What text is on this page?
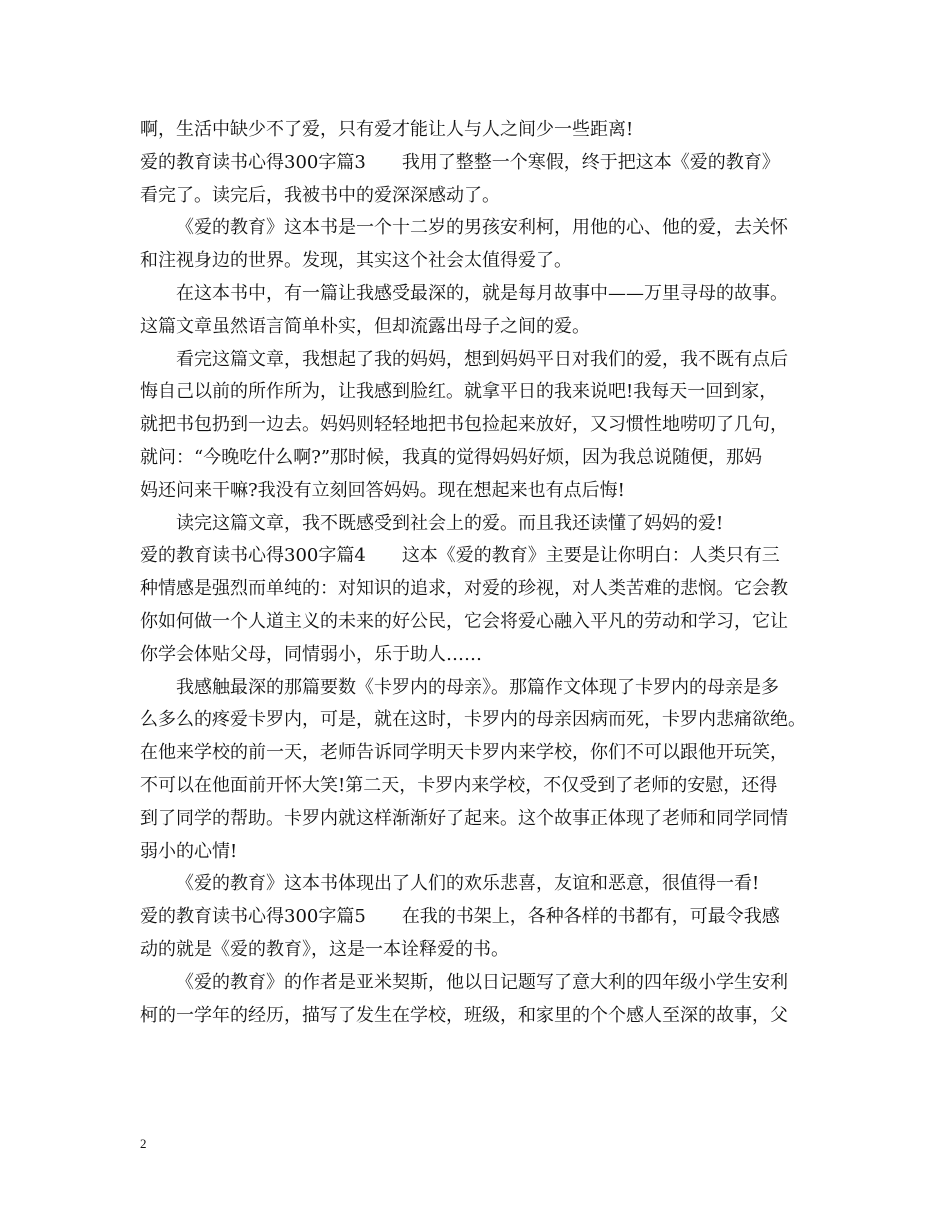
啊，生活中缺少不了爱，只有爱才能让人与人之间少一些距离!
爱的教育读书心得300字篇3 我用了整整一个寒假，终于把这本《爱的教育》
看完了。读完后，我被书中的爱深深感动了。
《爱的教育》这本书是一个十二岁的男孩安利柯，用他的心、他的爱，去关怀
和注视身边的世界。发现，其实这个社会太值得爱了。
在这本书中，有一篇让我感受最深的，就是每月故事中——万里寻母的故事。
这篇文章虽然语言简单朴实，但却流露出母子之间的爱。
看完这篇文章，我想起了我的妈妈，想到妈妈平日对我们的爱，我不既有点后
悔自己以前的所作所为，让我感到脸红。就拿平日的我来说吧!我每天一回到家，
就把书包扔到一边去。妈妈则轻轻地把书包捡起来放好，又习惯性地唠叨了几句，
就问：“今晚吃什么啊?”那时候，我真的觉得妈妈好烦，因为我总说随便，那妈
妈还问来干嘛?我没有立刻回答妈妈。现在想起来也有点后悔!
读完这篇文章，我不既感受到社会上的爱。而且我还读懂了妈妈的爱!
爱的教育读书心得300字篇4 这本《爱的教育》主要是让你明白：人类只有三
种情感是强烈而单纯的：对知识的追求，对爱的珍视，对人类苦难的悲悯。它会教
你如何做一个人道主义的未来的好公民，它会将爱心融入平凡的劳动和学习，它让
你学会体贴父母，同情弱小，乐于助人……
我感触最深的那篇要数《卡罗内的母亲》。那篇作文体现了卡罗内的母亲是多
么多么的疼爱卡罗内，可是，就在这时，卡罗内的母亲因病而死，卡罗内悲痛欲绝。
在他来学校的前一天，老师告诉同学明天卡罗内来学校，你们不可以跟他开玩笑，
不可以在他面前开怀大笑!第二天，卡罗内来学校，不仅受到了老师的安慰，还得
到了同学的帮助。卡罗内就这样渐渐好了起来。这个故事正体现了老师和同学同情
弱小的心情!
《爱的教育》这本书体现出了人们的欢乐悲喜，友谊和恶意，很值得一看!
爱的教育读书心得300字篇5 在我的书架上，各种各样的书都有，可最令我感
动的就是《爱的教育》，这是一本诠释爱的书。
《爱的教育》的作者是亚米契斯，他以日记题写了意大利的四年级小学生安利
柯的一学年的经历，描写了发生在学校，班级，和家里的个个感人至深的故事，父
2
